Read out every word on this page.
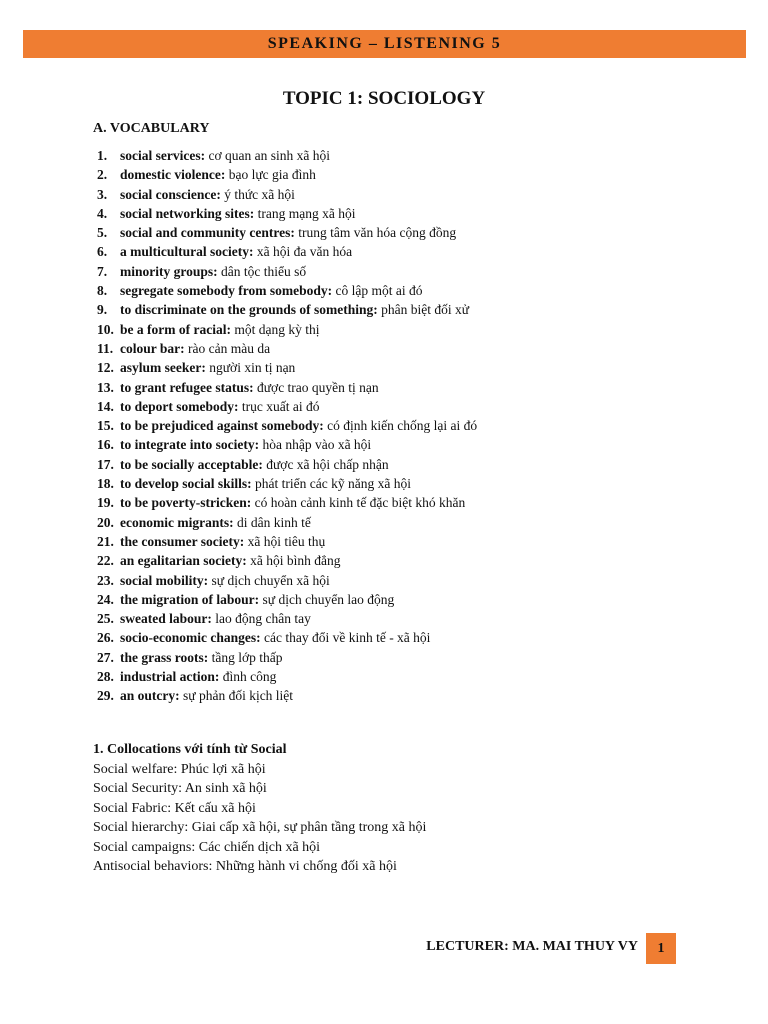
SPEAKING – LISTENING 5
TOPIC 1: SOCIOLOGY
A. VOCABULARY
1. social services: cơ quan an sinh xã hội
2. domestic violence: bạo lực gia đình
3. social conscience: ý thức xã hội
4. social networking sites: trang mạng xã hội
5. social and community centres: trung tâm văn hóa cộng đồng
6. a multicultural society: xã hội đa văn hóa
7. minority groups: dân tộc thiểu số
8. segregate somebody from somebody: cô lập một ai đó
9. to discriminate on the grounds of something: phân biệt đối xử
10. be a form of racial: một dạng kỳ thị
11. colour bar: rào cản màu da
12. asylum seeker: người xin tị nạn
13. to grant refugee status: được trao quyền tị nạn
14. to deport somebody: trục xuất ai đó
15. to be prejudiced against somebody: có định kiến chống lại ai đó
16. to integrate into society: hòa nhập vào xã hội
17. to be socially acceptable: được xã hội chấp nhận
18. to develop social skills: phát triển các kỹ năng xã hội
19. to be poverty-stricken: có hoàn cảnh kinh tế đặc biệt khó khăn
20. economic migrants: di dân kinh tế
21. the consumer society: xã hội tiêu thụ
22. an egalitarian society: xã hội bình đẳng
23. social mobility: sự dịch chuyển xã hội
24. the migration of labour: sự dịch chuyển lao động
25. sweated labour: lao động chân tay
26. socio-economic changes: các thay đổi về kinh tế - xã hội
27. the grass roots: tầng lớp thấp
28. industrial action: đình công
29. an outcry: sự phản đối kịch liệt
1. Collocations với tính từ Social
Social welfare: Phúc lợi xã hội
Social Security: An sinh xã hội
Social Fabric: Kết cấu xã hội
Social hierarchy: Giai cấp xã hội, sự phân tầng trong xã hội
Social campaigns: Các chiến dịch xã hội
Antisocial behaviors: Những hành vi chống đối xã hội
LECTURER: MA. MAI THUY VY 1
